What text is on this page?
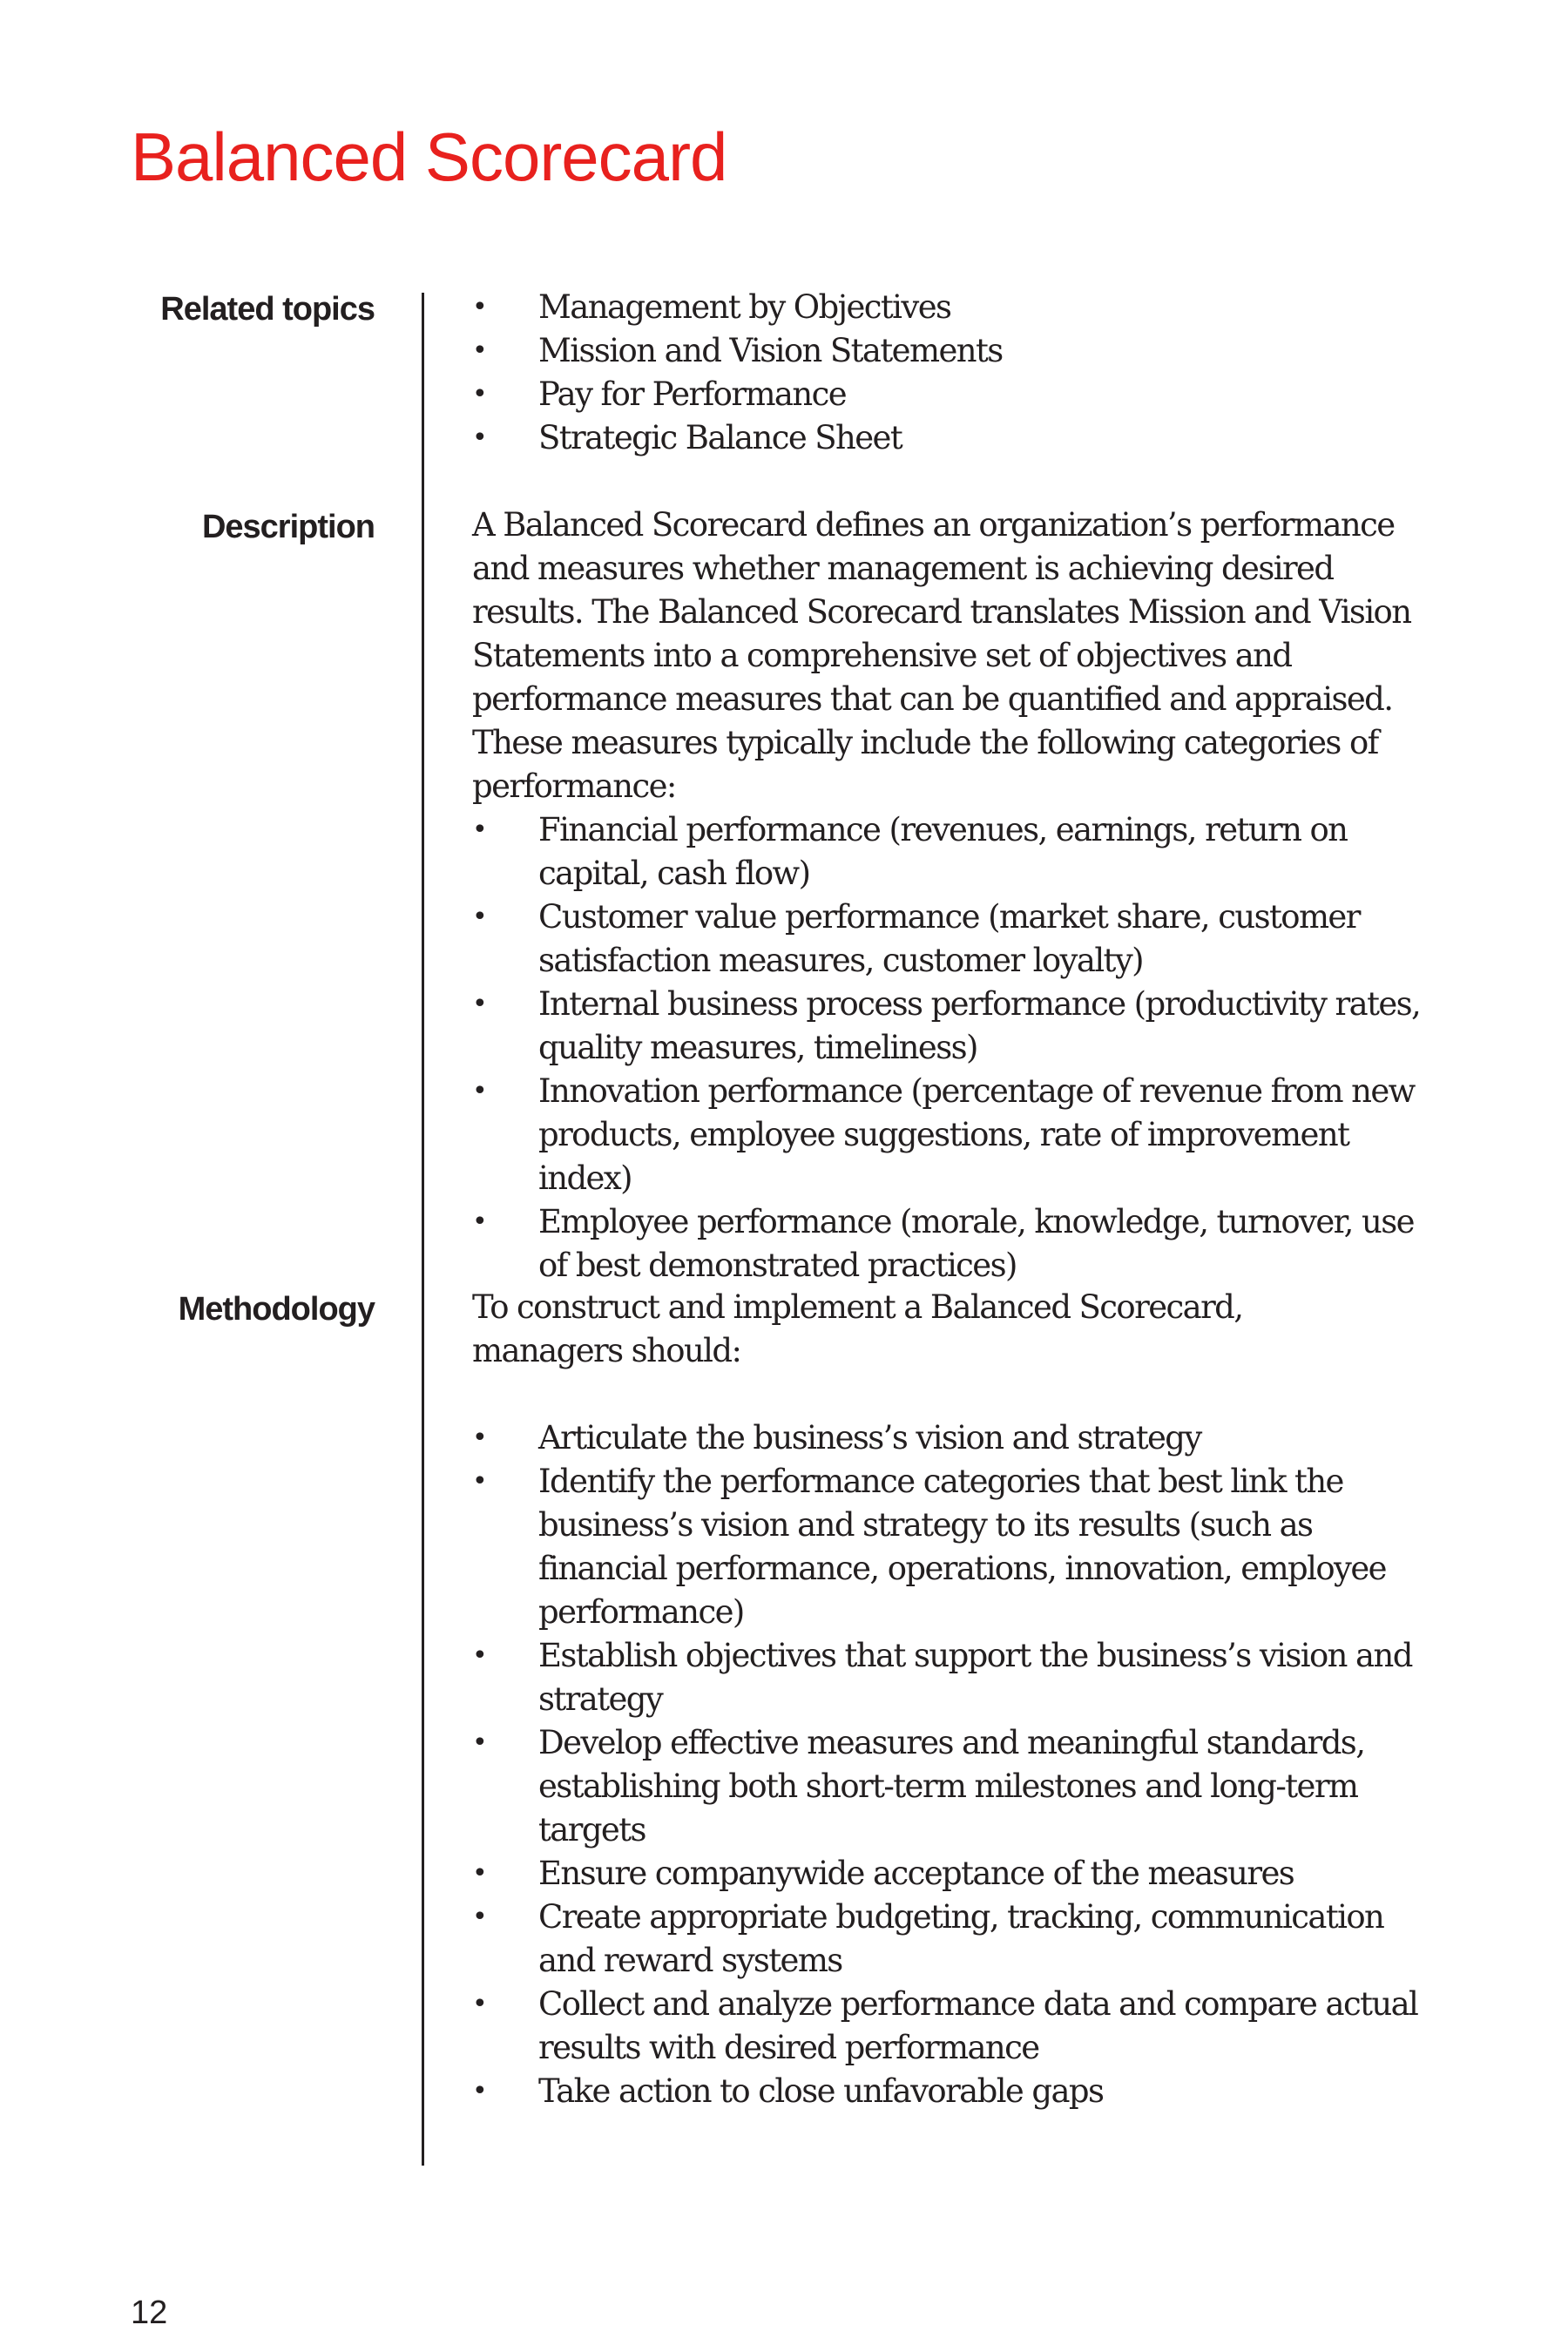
Balanced Scorecard
Related topics
•	Management by Objectives
• Mission and Vision Statements
• Pay for Performance
• Strategic Balance Sheet
Description	A Balanced Scorecard defines an organization’s performance and measures whether management is achieving desired results. The Balanced Scorecard translates Mission and Vision Statements into a comprehensive set of objectives and performance measures that can be quantified and appraised. These measures typically include the following categories of performance:

• Financial performance (revenues, earnings, return on capital, cash flow)
• Customer value performance (market share, customer satisfaction measures, customer loyalty)
• Internal business process performance (productivity rates, quality measures, timeliness)
• Innovation performance (percentage of revenue from new products, employee suggestions, rate of improvement index)
• Employee performance (morale, knowledge, turnover, use of best demonstrated practices)
Methodology	To construct and implement a Balanced Scorecard, managers should:

• Articulate the business’s vision and strategy
• Identify the performance categories that best link the business’s vision and strategy to its results (such as financial performance, operations, innovation, employee performance)
• Establish objectives that support the business’s vision and strategy
• Develop effective measures and meaningful standards, establishing both short-term milestones and long-term targets
• Ensure companywide acceptance of the measures
• Create appropriate budgeting, tracking, communication and reward systems
• Collect and analyze performance data and compare actual results with desired performance
• Take action to close unfavorable gaps
12
